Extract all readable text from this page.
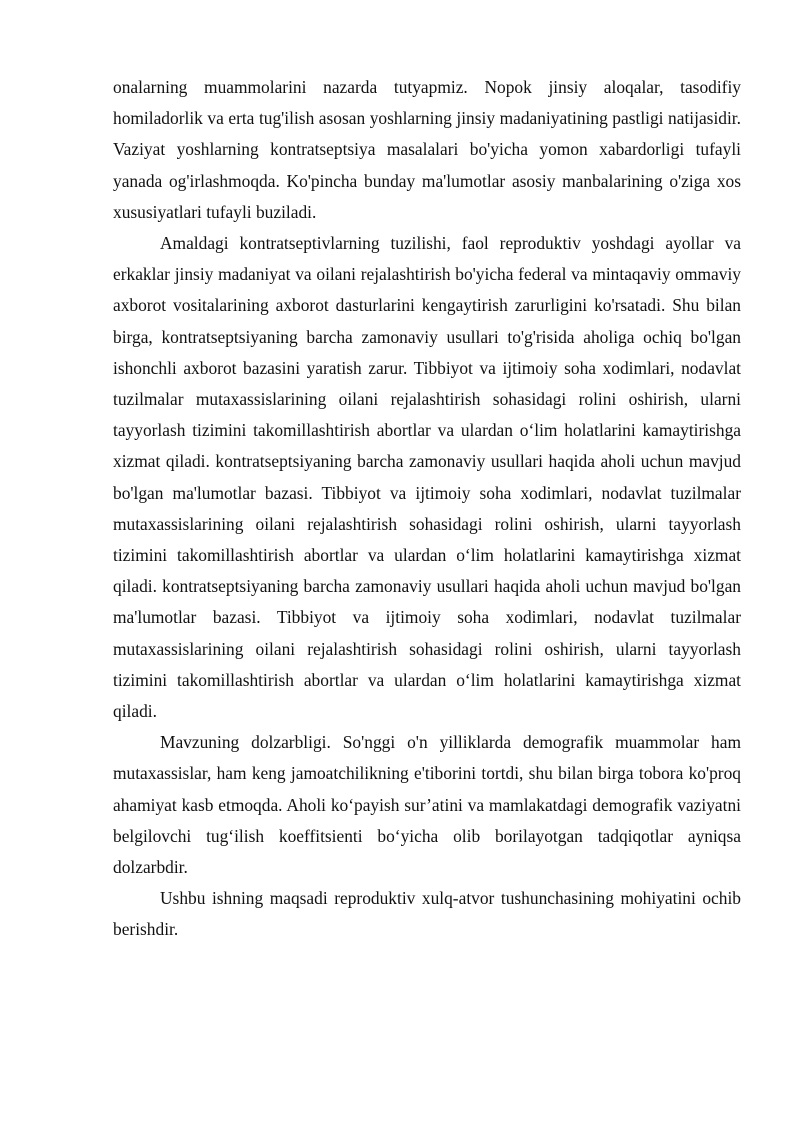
onalarning muammolarini nazarda tutyapmiz. Nopok jinsiy aloqalar, tasodifiy homiladorlik va erta tug'ilish asosan yoshlarning jinsiy madaniyatining pastligi natijasidir. Vaziyat yoshlarning kontratseptsiya masalalari bo'yicha yomon xabardorligi tufayli yanada og'irlashmoqda. Ko'pincha bunday ma'lumotlar asosiy manbalarining o'ziga xos xususiyatlari tufayli buziladi.

Amaldagi kontratseptivlarning tuzilishi, faol reproduktiv yoshdagi ayollar va erkaklar jinsiy madaniyat va oilani rejalashtirish bo'yicha federal va mintaqaviy ommaviy axborot vositalarining axborot dasturlarini kengaytirish zarurligini ko'rsatadi. Shu bilan birga, kontratseptsiyaning barcha zamonaviy usullari to'g'risida aholiga ochiq bo'lgan ishonchli axborot bazasini yaratish zarur. Tibbiyot va ijtimoiy soha xodimlari, nodavlat tuzilmalar mutaxassislarining oilani rejalashtirish sohasidagi rolini oshirish, ularni tayyorlash tizimini takomillashtirish abortlar va ulardan o‘lim holatlarini kamaytirishga xizmat qiladi. kontratseptsiyaning barcha zamonaviy usullari haqida aholi uchun mavjud bo'lgan ma'lumotlar bazasi. Tibbiyot va ijtimoiy soha xodimlari, nodavlat tuzilmalar mutaxassislarining oilani rejalashtirish sohasidagi rolini oshirish, ularni tayyorlash tizimini takomillashtirish abortlar va ulardan o‘lim holatlarini kamaytirishga xizmat qiladi. kontratseptsiyaning barcha zamonaviy usullari haqida aholi uchun mavjud bo'lgan ma'lumotlar bazasi. Tibbiyot va ijtimoiy soha xodimlari, nodavlat tuzilmalar mutaxassislarining oilani rejalashtirish sohasidagi rolini oshirish, ularni tayyorlash tizimini takomillashtirish abortlar va ulardan o‘lim holatlarini kamaytirishga xizmat qiladi.

Mavzuning dolzarbligi. So'nggi o'n yilliklarda demografik muammolar ham mutaxassislar, ham keng jamoatchilikning e'tiborini tortdi, shu bilan birga tobora ko'proq ahamiyat kasb etmoqda. Aholi ko‘payish sur’atini va mamlakatdagi demografik vaziyatni belgilovchi tug‘ilish koeffitsienti bo‘yicha olib borilayotgan tadqiqotlar ayniqsa dolzarbdir.

Ushbu ishning maqsadi reproduktiv xulq-atvor tushunchasining mohiyatini ochib berishdir.
